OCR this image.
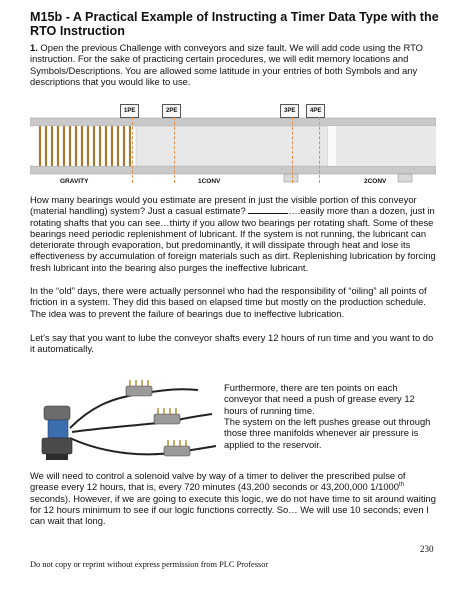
M15b - A Practical Example of Instructing a Timer Data Type with the RTO Instruction

1. Open the previous Challenge with conveyors and size fault. We will add code using the RTO instruction. For the sake of practicing certain procedures, we will edit memory locations and Symbols/Descriptions. You are allowed some latitude in your entries of both Symbols and any descriptions that you would like to use.

1PE	2PE	3PE	4PE
GRAVITY	1CONV	2CONV

How many bearings would you estimate are present in just the visible portion of this conveyor (material handling) system? Just a casual estimate?	….easily more than a dozen, just in rotating shafts that you can see…thirty if you allow two bearings per rotating shaft. Some of these bearings need periodic replenishment of lubricant. If the system is not running, the lubricant can deteriorate through evaporation, but predominantly, it will dissipate through heat and lose its effectiveness by accumulation of foreign materials such as dirt. Replenishing lubrication by forcing fresh lubricant into the bearing also purges the ineffective lubricant.

In the “old” days, there were actually personnel who had the responsibility of “oiling” all points of friction in a system. They did this based on elapsed time but mostly on the production schedule. The idea was to prevent the failure of bearings due to ineffective lubrication.

Let’s say that you want to lube the conveyor shafts every 12 hours of run time and you want to do it automatically.

Furthermore, there are ten points on each conveyor that need a push of grease every 12 hours of running time.

The system on the left pushes grease out through those three manifolds whenever air pressure is applied to the reservoir.

We will need to control a solenoid valve by way of a timer to deliver the prescribed pulse of grease every 12 hours, that is, every 720 minutes (43,200 seconds or 43,200,000 1/1000th seconds). However, if we are going to execute this logic, we do not have time to sit around waiting for 12 hours minimum to see if our logic functions correctly. So… We will use 10 seconds; even I can wait that long.

230
Do not copy or reprint without express permission from PLC Professor
